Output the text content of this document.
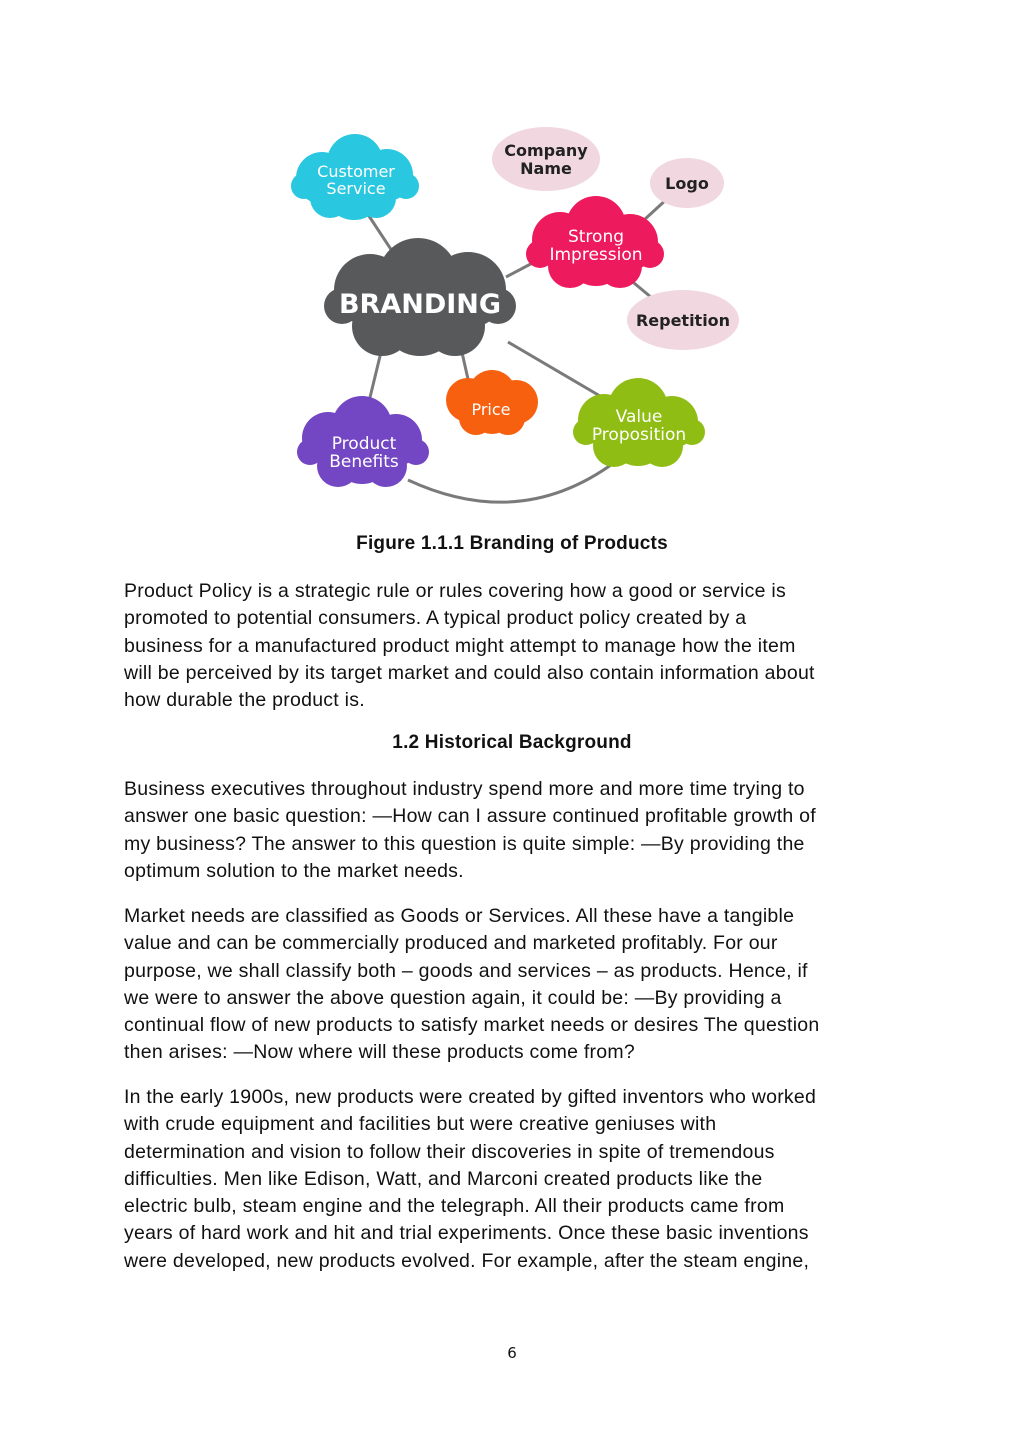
Company
Name
Logo
Repetition
Customer
Service
Strong
Impression
BRANDING
Price	Value
Proposition
Product
Benefits
Figure 1.1.1 Branding of Products

Product Policy is a strategic rule or rules covering how a good or service is
promoted to potential consumers. A typical product policy created by a
business for a manufactured product might attempt to manage how the item
will be perceived by its target market and could also contain information about
how durable the product is.

1.2 Historical Background

Business executives throughout industry spend more and more time trying to
answer one basic question: —How can I assure continued profitable growth of
my business? The answer to this question is quite simple: —By providing the
optimum solution to the market needs.

Market needs are classified as Goods or Services. All these have a tangible
value and can be commercially produced and marketed profitably. For our
purpose, we shall classify both – goods and services – as products. Hence, if
we were to answer the above question again, it could be: —By providing a
continual flow of new products to satisfy market needs or desires The question
then arises: —Now where will these products come from?

In the early 1900s, new products were created by gifted inventors who worked
with crude equipment and facilities but were creative geniuses with
determination and vision to follow their discoveries in spite of tremendous
difficulties. Men like Edison, Watt, and Marconi created products like the
electric bulb, steam engine and the telegraph. All their products came from
years of hard work and hit and trial experiments. Once these basic inventions
were developed, new products evolved. For example, after the steam engine,

6
